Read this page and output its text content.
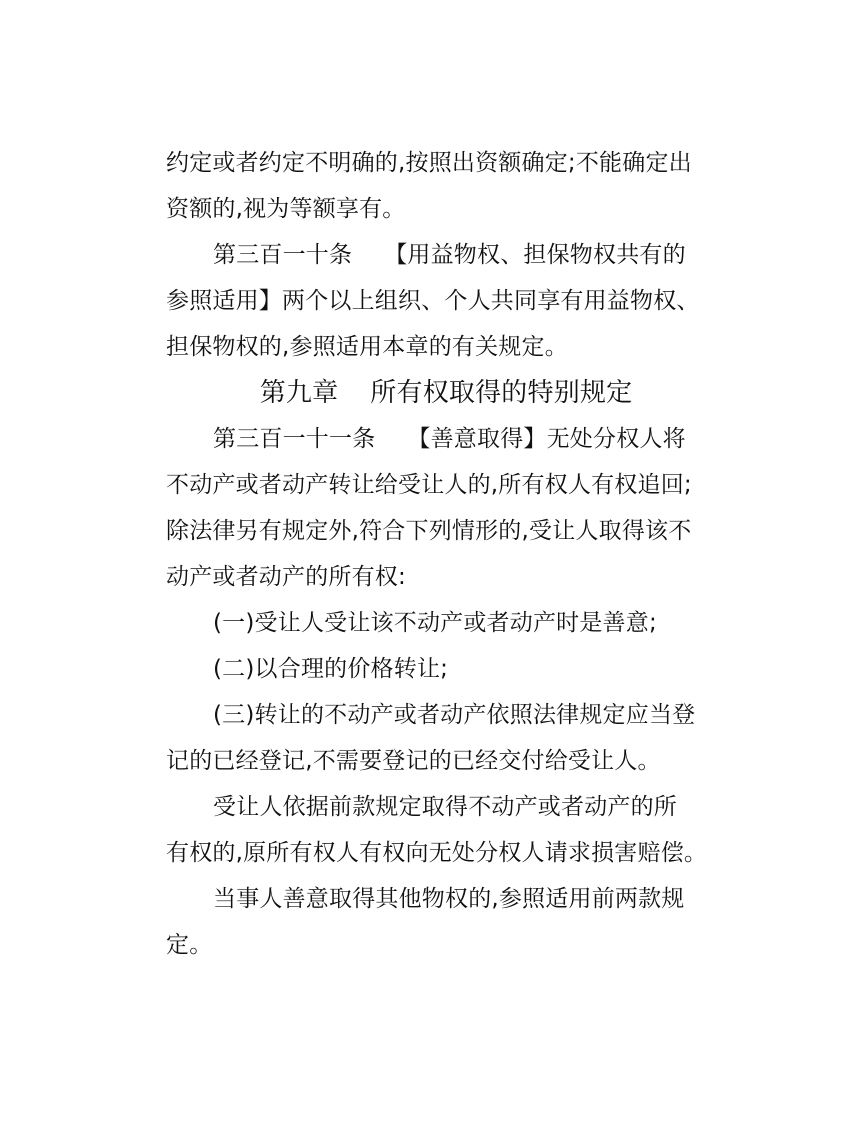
约定或者约定不明确的,按照出资额确定;不能确定出
资额的,视为等额享有。
第三百一十条 【用益物权、担保物权共有的
参照适用】两个以上组织、个人共同享有用益物权、
担保物权的,参照适用本章的有关规定。
第九章 所有权取得的特别规定
第三百一十一条 【善意取得】无处分权人将
不动产或者动产转让给受让人的,所有权人有权追回;
除法律另有规定外,符合下列情形的,受让人取得该不
动产或者动产的所有权:
(一)受让人受让该不动产或者动产时是善意;
(二)以合理的价格转让;
(三)转让的不动产或者动产依照法律规定应当登
记的已经登记,不需要登记的已经交付给受让人。
受让人依据前款规定取得不动产或者动产的所
有权的,原所有权人有权向无处分权人请求损害赔偿。
当事人善意取得其他物权的,参照适用前两款规
定。
